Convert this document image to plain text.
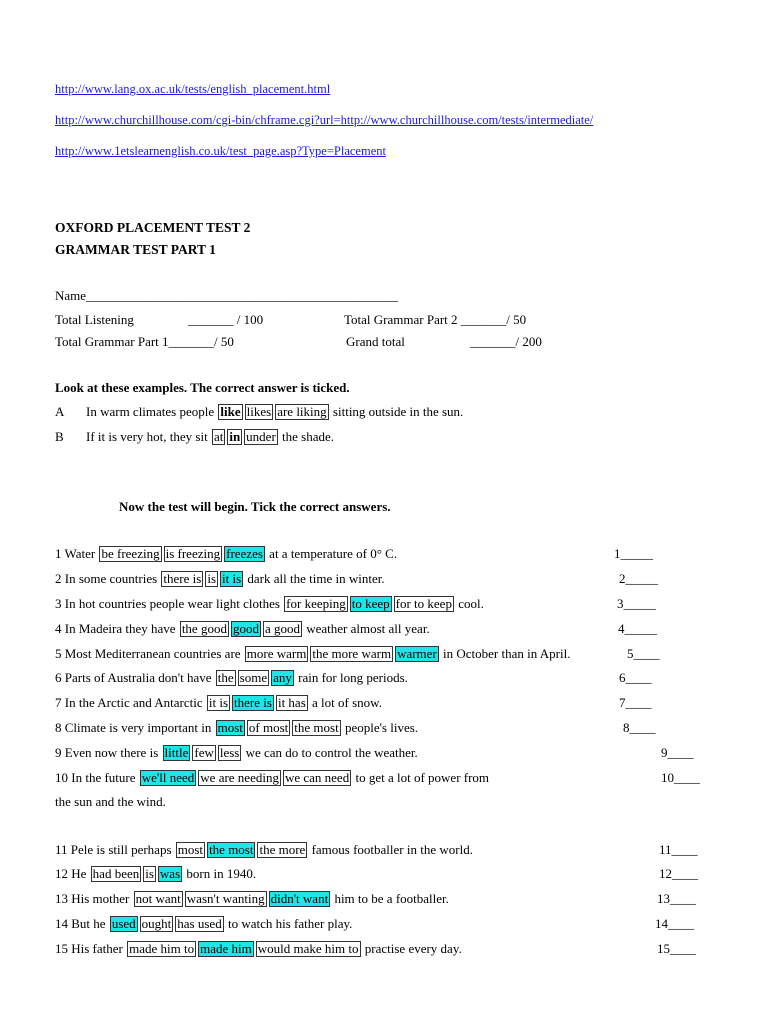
http://www.lang.ox.ac.uk/tests/english_placement.html
http://www.churchillhouse.com/cgi-bin/chframe.cgi?url=http://www.churchillhouse.com/tests/intermediate/
http://www.1etslearnenglish.co.uk/test_page.asp?Type=Placement
OXFORD PLACEMENT TEST 2
GRAMMAR TEST PART 1
Name________________________________________________
Total Listening	_______ / 100	Total Grammar Part 2 _______/ 50
Total Grammar Part 1_______/ 50	Grand total	_______/ 200
Look at these examples. The correct answer is ticked.
A In warm climates people like likes are liking sitting outside in the sun.
B If it is very hot, they sit at in under the shade.
Now the test will begin. Tick the correct answers.
1 Water be freezing is freezing freezes at a temperature of 0° C.	1_____
2 In some countries there is is it is dark all the time in winter.	2_____
3 In hot countries people wear light clothes for keeping to keep for to keep cool.	3_____
4 In Madeira they have the good good a good weather almost all year.	4_____
5 Most Mediterranean countries are more warm the more warm warmer in October than in April.	5____
6 Parts of Australia don't have the some any rain for long periods.	6____
7 In the Arctic and Antarctic it is there is it has a lot of snow.	7____
8 Climate is very important in most of most the most people's lives.	8____
9 Even now there is little few less we can do to control the weather.	9____
10 In the future we'll need we are needing we can need to get a lot of power from	10____
the sun and the wind.
11 Pele is still perhaps most the most the more famous footballer in the world.	11____
12 He had been is was born in 1940.	12____
13 His mother not want wasn't wanting didn't want him to be a footballer.	13____
14 But he used ought has used to watch his father play.	14____
15 His father made him to made him would make him to practise every day.	15____
